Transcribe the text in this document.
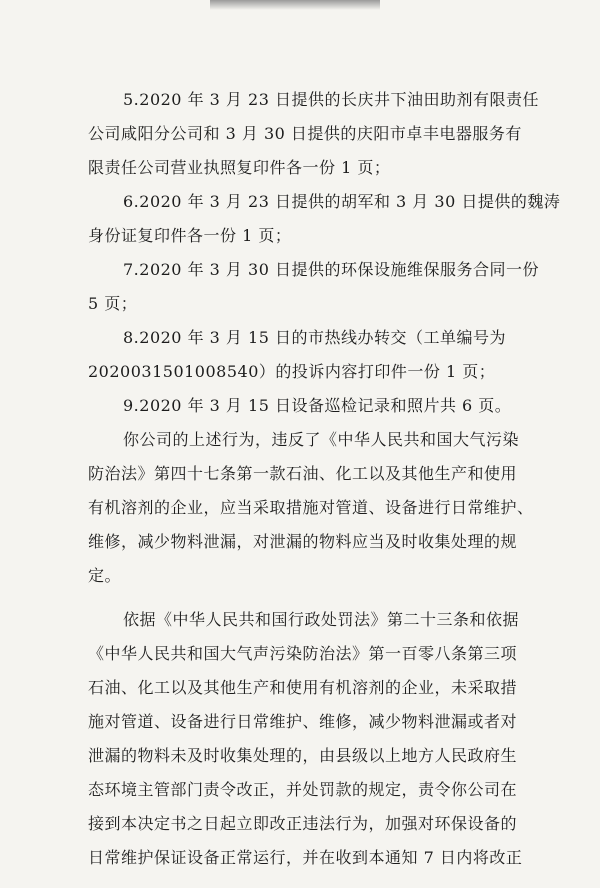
5.2020 年 3 月 23 日提供的长庆井下油田助剂有限责任
公司咸阳分公司和 3 月 30 日提供的庆阳市卓丰电器服务有
限责任公司营业执照复印件各一份 1 页；
6.2020 年 3 月 23 日提供的胡军和 3 月 30 日提供的魏涛
身份证复印件各一份 1 页；
7.2020 年 3 月 30 日提供的环保设施维保服务合同一份
5 页；
8.2020 年 3 月 15 日的市热线办转交（工单编号为
2020031501008540）的投诉内容打印件一份 1 页；
9.2020 年 3 月 15 日设备巡检记录和照片共 6 页。
你公司的上述行为，违反了《中华人民共和国大气污染
防治法》第四十七条第一款石油、化工以及其他生产和使用
有机溶剂的企业，应当采取措施对管道、设备进行日常维护、
维修，减少物料泄漏，对泄漏的物料应当及时收集处理的规
定。
依据《中华人民共和国行政处罚法》第二十三条和依据
《中华人民共和国大气声污染防治法》第一百零八条第三项
石油、化工以及其他生产和使用有机溶剂的企业，未采取措
施对管道、设备进行日常维护、维修，减少物料泄漏或者对
泄漏的物料未及时收集处理的，由县级以上地方人民政府生
态环境主管部门责令改正，并处罚款的规定，责令你公司在
接到本决定书之日起立即改正违法行为，加强对环保设备的
日常维护保证设备正常运行，并在收到本通知 7 日内将改正
